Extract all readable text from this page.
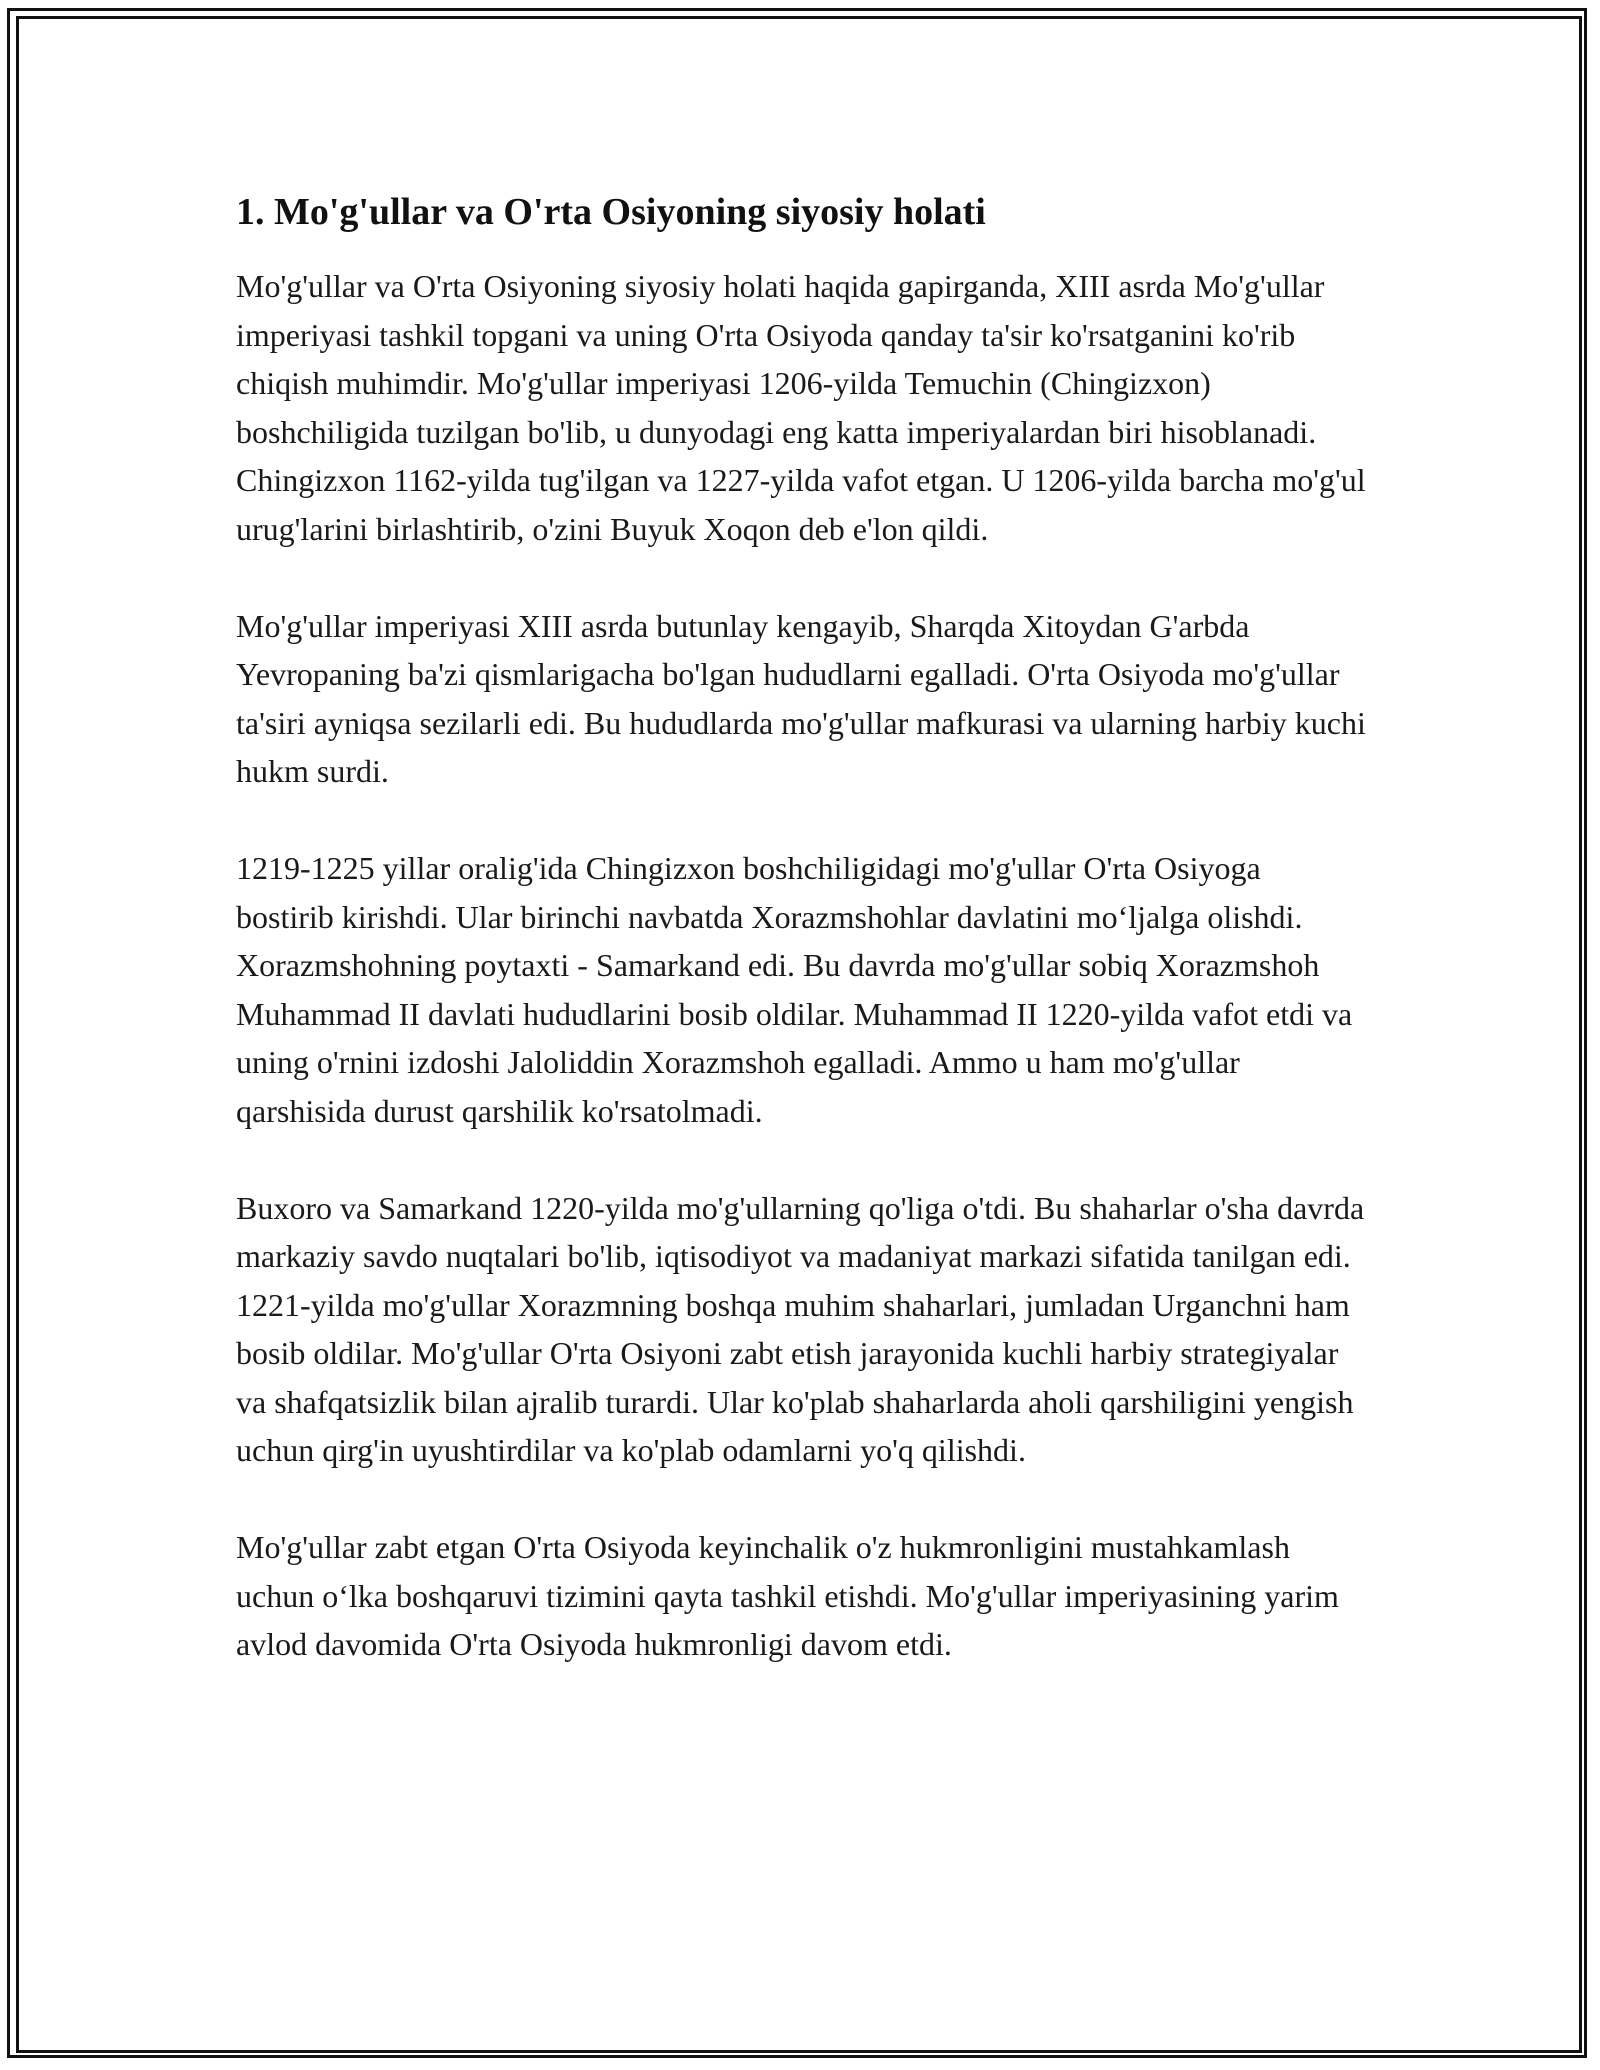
1. Mo'g'ullar va O'rta Osiyoning siyosiy holati

Mo'g'ullar va O'rta Osiyoning siyosiy holati haqida gapirganda, XIII asrda Mo'g'ullar imperiyasi tashkil topgani va uning O'rta Osiyoda qanday ta'sir ko'rsatganini ko'rib chiqish muhimdir. Mo'g'ullar imperiyasi 1206-yilda Temuchin (Chingizxon) boshchiligida tuzilgan bo'lib, u dunyodagi eng katta imperiyalardan biri hisoblanadi. Chingizxon 1162-yilda tug'ilgan va 1227-yilda vafot etgan. U 1206-yilda barcha mo'g'ul urug'larini birlashtirib, o'zini Buyuk Xoqon deb e'lon qildi.

Mo'g'ullar imperiyasi XIII asrda butunlay kengayib, Sharqda Xitoydan G'arbda Yevropaning ba'zi qismlarigacha bo'lgan hududlarni egalladi. O'rta Osiyoda mo'g'ullar ta'siri ayniqsa sezilarli edi. Bu hududlarda mo'g'ullar mafkurasi va ularning harbiy kuchi hukm surdi.

1219-1225 yillar oralig'ida Chingizxon boshchiligidagi mo'g'ullar O'rta Osiyoga bostirib kirishdi. Ular birinchi navbatda Xorazmshohlar davlatini mo‘ljalga olishdi. Xorazmshohning poytaxti - Samarkand edi. Bu davrda mo'g'ullar sobiq Xorazmshoh Muhammad II davlati hududlarini bosib oldilar. Muhammad II 1220-yilda vafot etdi va uning o'rnini izdoshi Jaloliddin Xorazmshoh egalladi. Ammo u ham mo'g'ullar qarshisida durust qarshilik ko'rsatolmadi.

Buxoro va Samarkand 1220-yilda mo'g'ullarning qo'liga o'tdi. Bu shaharlar o'sha davrda markaziy savdo nuqtalari bo'lib, iqtisodiyot va madaniyat markazi sifatida tanilgan edi. 1221-yilda mo'g'ullar Xorazmning boshqa muhim shaharlari, jumladan Urganchni ham bosib oldilar. Mo'g'ullar O'rta Osiyoni zabt etish jarayonida kuchli harbiy strategiyalar va shafqatsizlik bilan ajralib turardi. Ular ko'plab shaharlarda aholi qarshiligini yengish uchun qirg'in uyushtirdilar va ko'plab odamlarni yo'q qilishdi.

Mo'g'ullar zabt etgan O'rta Osiyoda keyinchalik o'z hukmronligini mustahkamlash uchun o‘lka boshqaruvi tizimini qayta tashkil etishdi. Mo'g'ullar imperiyasining yarim avlod davomida O'rta Osiyoda hukmronligi davom etdi.
